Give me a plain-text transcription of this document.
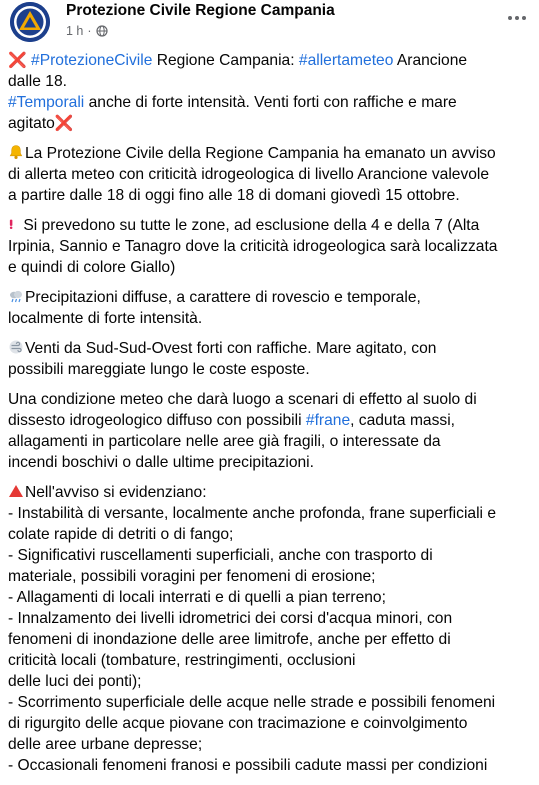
Protezione Civile Regione Campania
1 h ·
❌ #ProtezioneCivile Regione Campania: #allertameteo Arancione
dalle 18.
#Temporali anche di forte intensità. Venti forti con raffiche e mare
agitato❌
La Protezione Civile della Regione Campania ha emanato un avviso
di allerta meteo con criticità idrogeologica di livello Arancione valevole
a partire dalle 18 di oggi fino alle 18 di domani giovedì 15 ottobre.
Si prevedono su tutte le zone, ad esclusione della 4 e della 7 (Alta
Irpinia, Sannio e Tanagro dove la criticità idrogeologica sarà localizzata
e quindi di colore Giallo)
Precipitazioni diffuse, a carattere di rovescio e temporale,
localmente di forte intensità.
Venti da Sud-Sud-Ovest forti con raffiche. Mare agitato, con
possibili mareggiate lungo le coste esposte.
Una condizione meteo che darà luogo a scenari di effetto al suolo di
dissesto idrogeologico diffuso con possibili #frane, caduta massi,
allagamenti in particolare nelle aree già fragili, o interessate da
incendi boschivi o dalle ultime precipitazioni.
Nell'avviso si evidenziano:
- Instabilità di versante, localmente anche profonda, frane superficiali e
colate rapide di detriti o di fango;
- Significativi ruscellamenti superficiali, anche con trasporto di
materiale, possibili voragini per fenomeni di erosione;
- Allagamenti di locali interrati e di quelli a pian terreno;
- Innalzamento dei livelli idrometrici dei corsi d'acqua minori, con
fenomeni di inondazione delle aree limitrofe, anche per effetto di
criticità locali (tombature, restringimenti, occlusioni
delle luci dei ponti);
- Scorrimento superficiale delle acque nelle strade e possibili fenomeni
di rigurgito delle acque piovane con tracimazione e coinvolgimento
delle aree urbane depresse;
- Occasionali fenomeni franosi e possibili cadute massi per condizioni
